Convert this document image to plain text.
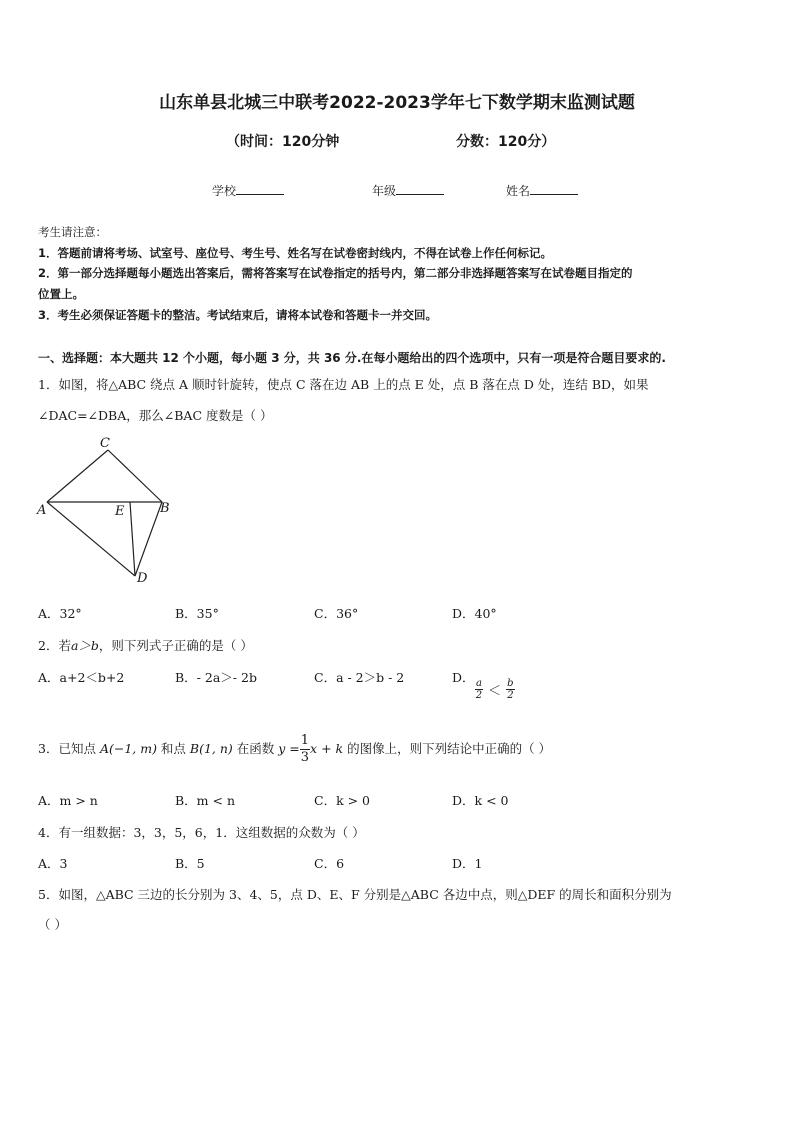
山东单县北城三中联考2022-2023学年七下数学期末监测试题
（时间：120分钟	分数：120分）
学校	年级	姓名
考生请注意：
1．答题前请将考场、试室号、座位号、考生号、姓名写在试卷密封线内，不得在试卷上作任何标记。
2．第一部分选择题每小题选出答案后，需将答案写在试卷指定的括号内，第二部分非选择题答案写在试卷题目指定的
位置上。
3．考生必须保证答题卡的整洁。考试结束后，请将本试卷和答题卡一并交回。
一、选择题：本大题共 12 个小题，每小题 3 分，共 36 分.在每小题给出的四个选项中，只有一项是符合题目要求的.
1．如图，将△ABC 绕点 A 顺时针旋转，使点 C 落在边 AB 上的点 E 处，点 B 落在点 D 处，连结 BD，如果
∠DAC=∠DBA，那么∠BAC 度数是（ ）
C
A	E	B
D
A．32°	B．35°	C．36°	D．40°
2．若a＞b，则下列式子正确的是（ ）
A．a+2＜b+2	B．- 2a＞- 2b	C．a - 2＞b - 2	D．
$\frac{a}{2} < \frac{b}{2}$
3．已知点 A(−1, m) 和点 B(1, n) 在函数 $y = \frac{1}{3}x + k$ 的图像上，则下列结论中正确的（ ）
A．m > n	B．m < n	C．k > 0	D．k < 0
4．有一组数据：3，3，5，6，1．这组数据的众数为（ ）
A．3	B．5	C．6	D．1
5．如图，△ABC 三边的长分别为 3、4、5，点 D、E、F 分别是△ABC 各边中点，则△DEF 的周长和面积分别为
（ ）
